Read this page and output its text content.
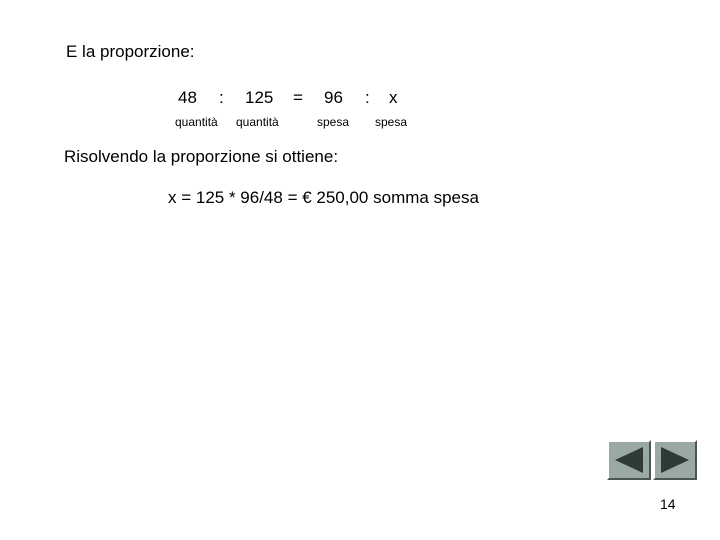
E la proporzione:
48 : 125 = 96 : x
quantità quantità	spesa spesa
Risolvendo la proporzione si ottiene:
x = 125 * 96/48 = € 250,00 somma spesa
14
